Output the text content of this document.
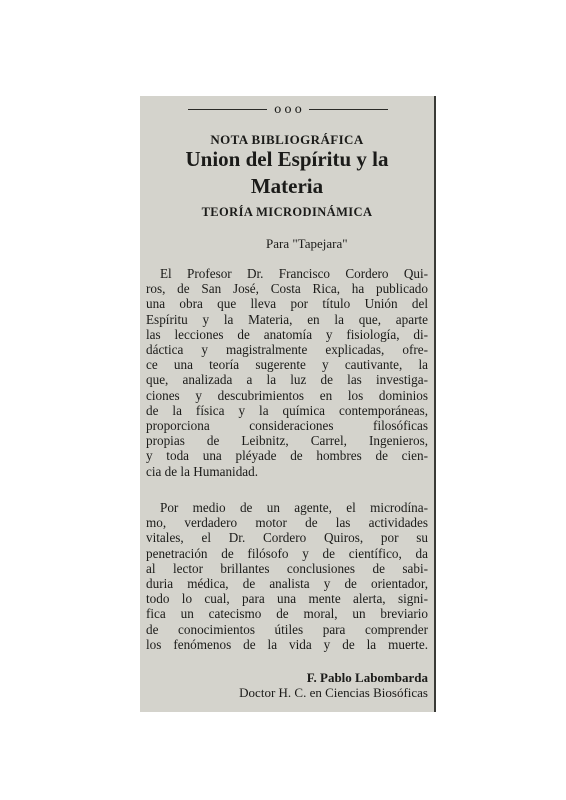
ooo
NOTA BIBLIOGRÁFICA
Union del Espíritu y la
Materia
TEORÍA MICRODINÁMICA
Para "Tapejara"
El Profesor Dr. Francisco Cordero Qui-
ros, de San José, Costa Rica, ha publicado
una obra que lleva por título Unión del
Espíritu y la Materia, en la que, aparte
las lecciones de anatomía y fisiología, di-
dáctica y magistralmente explicadas, ofre-
ce una teoría sugerente y cautivante, la
que, analizada a la luz de las investiga-
ciones y descubrimientos en los dominios
de la física y la química contemporáneas,
proporciona consideraciones filosóficas
propias de Leibnitz, Carrel, Ingenieros,
y toda una pléyade de hombres de cien-
cia de la Humanidad.
Por medio de un agente, el microdína-
mo, verdadero motor de las actividades
vitales, el Dr. Cordero Quiros, por su
penetración de filósofo y de científico, da
al lector brillantes conclusiones de sabi-
duria médica, de analista y de orientador,
todo lo cual, para una mente alerta, signi-
fica un catecismo de moral, un breviario
de conocimientos útiles para comprender
los fenómenos de la vida y de la muerte.
F. Pablo Labombarda
Doctor H. C. en Ciencias Biosóficas
